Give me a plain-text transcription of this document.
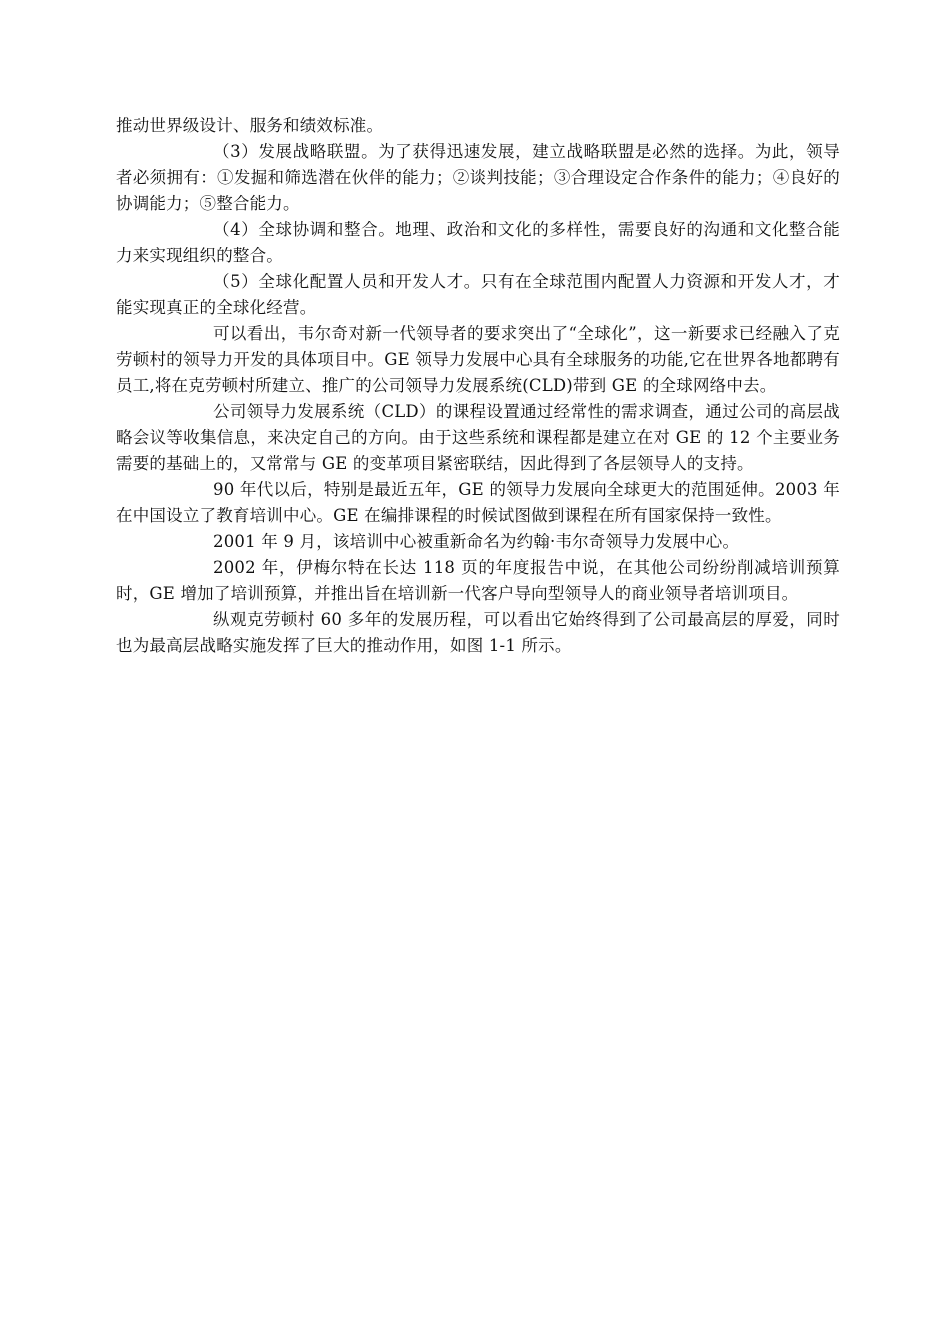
推动世界级设计、服务和绩效标准。

（3）发展战略联盟。为了获得迅速发展，建立战略联盟是必然的选择。为此，领导者必须拥有：①发掘和筛选潜在伙伴的能力；②谈判技能；③合理设定合作条件的能力；④良好的协调能力；⑤整合能力。

（4）全球协调和整合。地理、政治和文化的多样性，需要良好的沟通和文化整合能力来实现组织的整合。

（5）全球化配置人员和开发人才。只有在全球范围内配置人力资源和开发人才，才能实现真正的全球化经营。

可以看出，韦尔奇对新一代领导者的要求突出了“全球化”，这一新要求已经融入了克劳顿村的领导力开发的具体项目中。GE 领导力发展中心具有全球服务的功能,它在世界各地都聘有员工,将在克劳顿村所建立、推广的公司领导力发展系统(CLD)带到 GE 的全球网络中去。

公司领导力发展系统（CLD）的课程设置通过经常性的需求调查，通过公司的高层战略会议等收集信息，来决定自己的方向。由于这些系统和课程都是建立在对 GE 的 12 个主要业务需要的基础上的，又常常与 GE 的变革项目紧密联结，因此得到了各层领导人的支持。

90 年代以后，特别是最近五年，GE 的领导力发展向全球更大的范围延伸。2003 年在中国设立了教育培训中心。GE 在编排课程的时候试图做到课程在所有国家保持一致性。

2001 年 9 月，该培训中心被重新命名为约翰·韦尔奇领导力发展中心。

2002 年，伊梅尔特在长达 118 页的年度报告中说，在其他公司纷纷削减培训预算时，GE 增加了培训预算，并推出旨在培训新一代客户导向型领导人的商业领导者培训项目。

纵观克劳顿村 60 多年的发展历程，可以看出它始终得到了公司最高层的厚爱，同时也为最高层战略实施发挥了巨大的推动作用，如图 1-1 所示。
